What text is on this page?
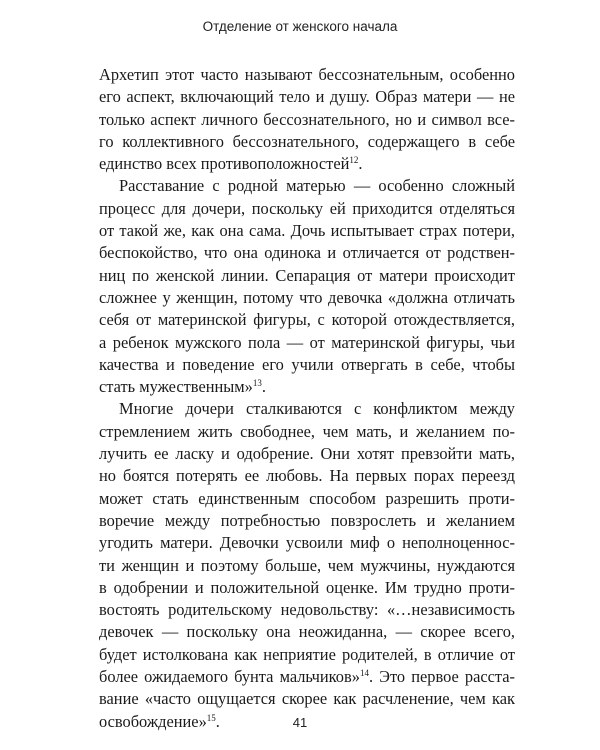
Отделение от женского начала
Архетип этот часто называют бессознательным, особенно
его аспект, включающий тело и душу. Образ матери — не
только аспект личного бессознательного, но и символ все-
го коллективного бессознательного, содержащего в себе
единство всех противоположностей$^{12}$.
Расставание с родной матерью — особенно сложный
процесс для дочери, поскольку ей приходится отделяться
от такой же, как она сама. Дочь испытывает страх потери,
беспокойство, что она одинока и отличается от родствен-
ниц по женской линии. Сепарация от матери происходит
сложнее у женщин, потому что девочка «должна отличать
себя от материнской фигуры, с которой отождествляется,
а ребенок мужского пола — от материнской фигуры, чьи
качества и поведение его учили отвергать в себе, чтобы
стать мужественным»$^{13}$.
Многие дочери сталкиваются с конфликтом между
стремлением жить свободнее, чем мать, и желанием по-
лучить ее ласку и одобрение. Они хотят превзойти мать,
но боятся потерять ее любовь. На первых порах переезд
может стать единственным способом разрешить проти-
воречие между потребностью повзрослеть и желанием
угодить матери. Девочки усвоили миф о неполноценнос-
ти женщин и поэтому больше, чем мужчины, нуждаются
в одобрении и положительной оценке. Им трудно проти-
востоять родительскому недовольству: «…независимость
девочек — поскольку она неожиданна, — скорее всего,
будет истолкована как неприятие родителей, в отличие от
более ожидаемого бунта мальчиков»$^{14}$. Это первое расста-
вание «часто ощущается скорее как расчленение, чем как
освобождение»$^{15}$.	41
